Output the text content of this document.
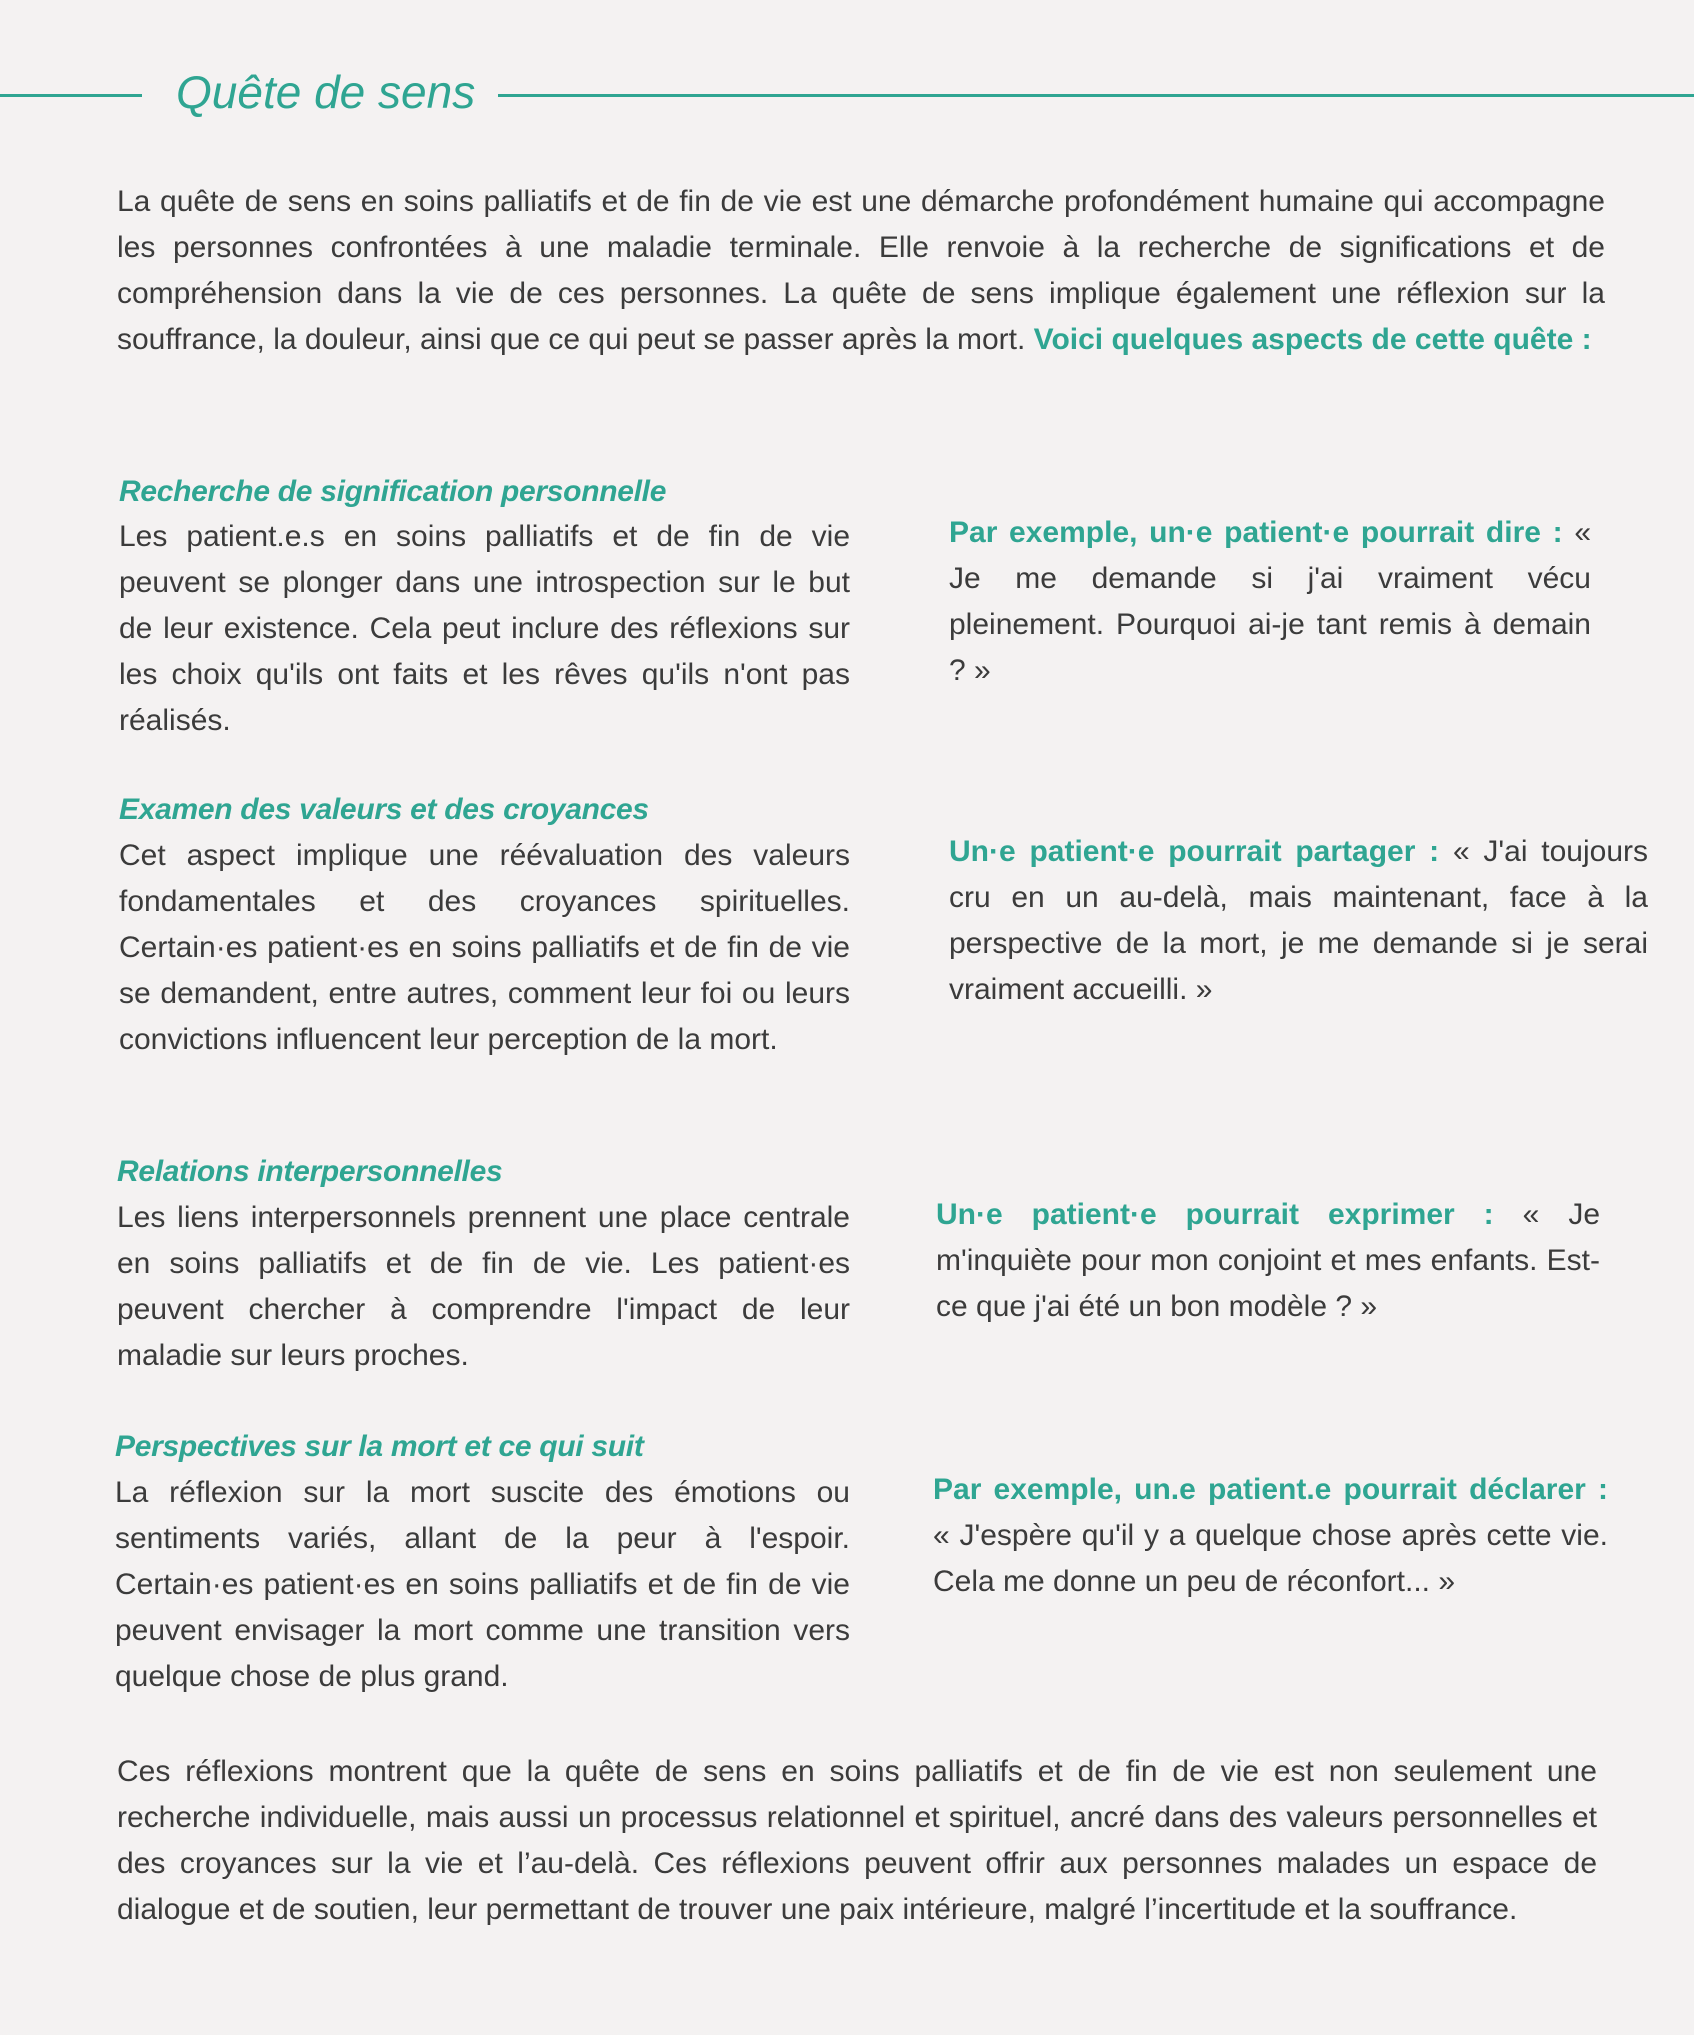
Quête de sens

La quête de sens en soins palliatifs et de fin de vie est une démarche profondément humaine qui accompagne les personnes confrontées à une maladie terminale. Elle renvoie à la recherche de significations et de compréhension dans la vie de ces personnes. La quête de sens implique également une réflexion sur la souffrance, la douleur, ainsi que ce qui peut se passer après la mort. Voici quelques aspects de cette quête :

Recherche de signification personnelle

Les patient.e.s en soins palliatifs et de fin de vie peuvent se plonger dans une introspection sur le but de leur existence. Cela peut inclure des réflexions sur les choix qu'ils ont faits et les rêves qu'ils n'ont pas réalisés.

Par exemple, un·e patient·e pourrait dire : « Je me demande si j'ai vraiment vécu pleinement. Pourquoi ai-je tant remis à demain ? »

Examen des valeurs et des croyances

Cet aspect implique une réévaluation des valeurs fondamentales et des croyances spirituelles. Certain·es patient·es en soins palliatifs et de fin de vie se demandent, entre autres, comment leur foi ou leurs convictions influencent leur perception de la mort.

Un·e patient·e pourrait partager : « J'ai toujours cru en un au-delà, mais maintenant, face à la perspective de la mort, je me demande si je serai vraiment accueilli. »

Relations interpersonnelles

Les liens interpersonnels prennent une place centrale en soins palliatifs et de fin de vie. Les patient·es peuvent chercher à comprendre l'impact de leur maladie sur leurs proches.

Un·e patient·e pourrait exprimer : « Je m'inquiète pour mon conjoint et mes enfants. Est-ce que j'ai été un bon modèle ? »

Perspectives sur la mort et ce qui suit

La réflexion sur la mort suscite des émotions ou sentiments variés, allant de la peur à l'espoir. Certain·es patient·es en soins palliatifs et de fin de vie peuvent envisager la mort comme une transition vers quelque chose de plus grand.

Par exemple, un.e patient.e pourrait déclarer : « J'espère qu'il y a quelque chose après cette vie. Cela me donne un peu de réconfort... »

Ces réflexions montrent que la quête de sens en soins palliatifs et de fin de vie est non seulement une recherche individuelle, mais aussi un processus relationnel et spirituel, ancré dans des valeurs personnelles et des croyances sur la vie et l’au-delà. Ces réflexions peuvent offrir aux personnes malades un espace de dialogue et de soutien, leur permettant de trouver une paix intérieure, malgré l’incertitude et la souffrance.
